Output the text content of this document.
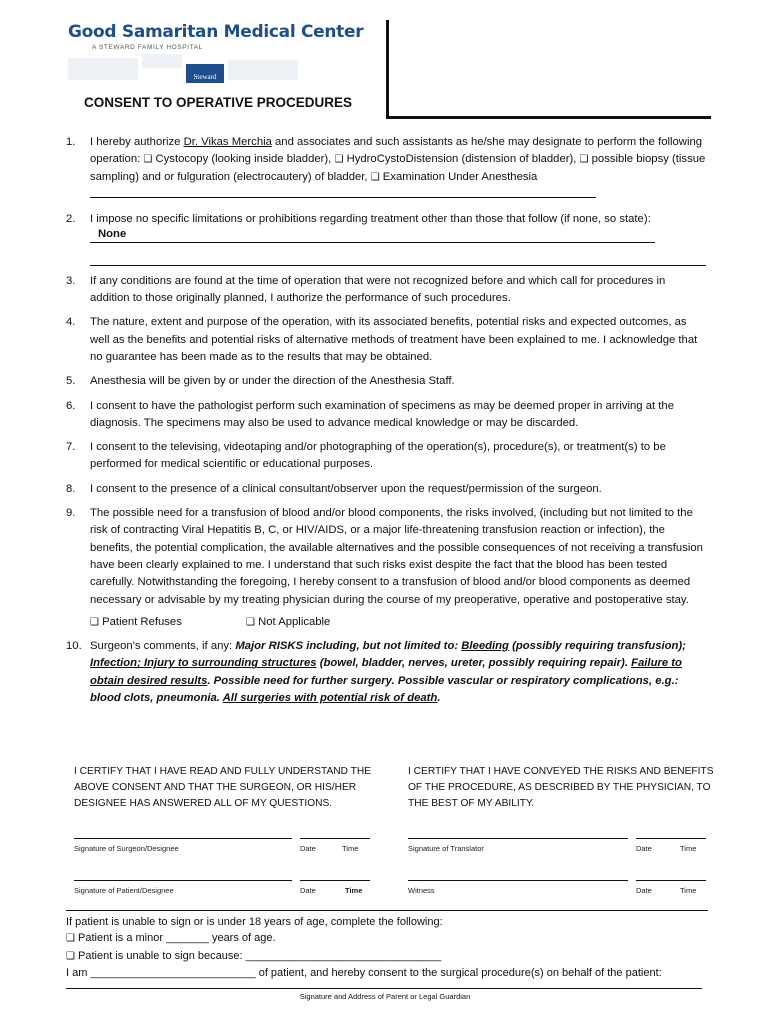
Good Samaritan Medical Center
A STEWARD FAMILY HOSPITAL
Steward
CONSENT TO OPERATIVE PROCEDURES
1. I hereby authorize Dr. Vikas Merchia and associates and such assistants as he/she may designate to perform the following operation: ❑ Cystocopy (looking inside bladder), ❑ HydroCystoDistension (distension of bladder), ❑ possible biopsy (tissue sampling) and or fulguration (electrocautery) of bladder, ❑ Examination Under Anesthesia
2. I impose no specific limitations or prohibitions regarding treatment other than those that follow (if none, so state):
None
3. If any conditions are found at the time of operation that were not recognized before and which call for procedures in addition to those originally planned, I authorize the performance of such procedures.
4. The nature, extent and purpose of the operation, with its associated benefits, potential risks and expected outcomes, as well as the benefits and potential risks of alternative methods of treatment have been explained to me. I acknowledge that no guarantee has been made as to the results that may be obtained.
5. Anesthesia will be given by or under the direction of the Anesthesia Staff.
6. I consent to have the pathologist perform such examination of specimens as may be deemed proper in arriving at the diagnosis. The specimens may also be used to advance medical knowledge or may be discarded.
7. I consent to the televising, videotaping and/or photographing of the operation(s), procedure(s), or treatment(s) to be performed for medical scientific or educational purposes.
8. I consent to the presence of a clinical consultant/observer upon the request/permission of the surgeon.
9. The possible need for a transfusion of blood and/or blood components, the risks involved, (including but not limited to the risk of contracting Viral Hepatitis B, C, or HIV/AIDS, or a major life-threatening transfusion reaction or infection), the benefits, the potential complication, the available alternatives and the possible consequences of not receiving a transfusion have been clearly explained to me. I understand that such risks exist despite the fact that the blood has been tested carefully. Notwithstanding the foregoing, I hereby consent to a transfusion of blood and/or blood components as deemed necessary or advisable by my treating physician during the course of my preoperative, operative and postoperative stay.
❑ Patient Refuses	❑ Not Applicable
10. Surgeon's comments, if any: Major RISKS including, but not limited to: Bleeding (possibly requiring transfusion); Infection; Injury to surrounding structures (bowel, bladder, nerves, ureter, possibly requiring repair). Failure to obtain desired results. Possible need for further surgery. Possible vascular or respiratory complications, e.g.: blood clots, pneumonia. All surgeries with potential risk of death.
I CERTIFY THAT I HAVE READ AND FULLY UNDERSTAND THE ABOVE CONSENT AND THAT THE SURGEON, OR HIS/HER DESIGNEE HAS ANSWERED ALL OF MY QUESTIONS.
I CERTIFY THAT I HAVE CONVEYED THE RISKS AND BENEFITS OF THE PROCEDURE, AS DESCRIBED BY THE PHYSICIAN, TO THE BEST OF MY ABILITY.
Signature of Surgeon/Designee	Date	Time	Signature of Translator	Date	Time
Signature of Patient/Designee	Date	Time	Witness	Date	Time
If patient is unable to sign or is under 18 years of age, complete the following:
❑ Patient is a minor _______ years of age.
❑ Patient is unable to sign because: ________________________________
I am ___________________________ of patient, and hereby consent to the surgical procedure(s) on behalf of the patient:
Signature and Address of Parent or Legal Guardian
